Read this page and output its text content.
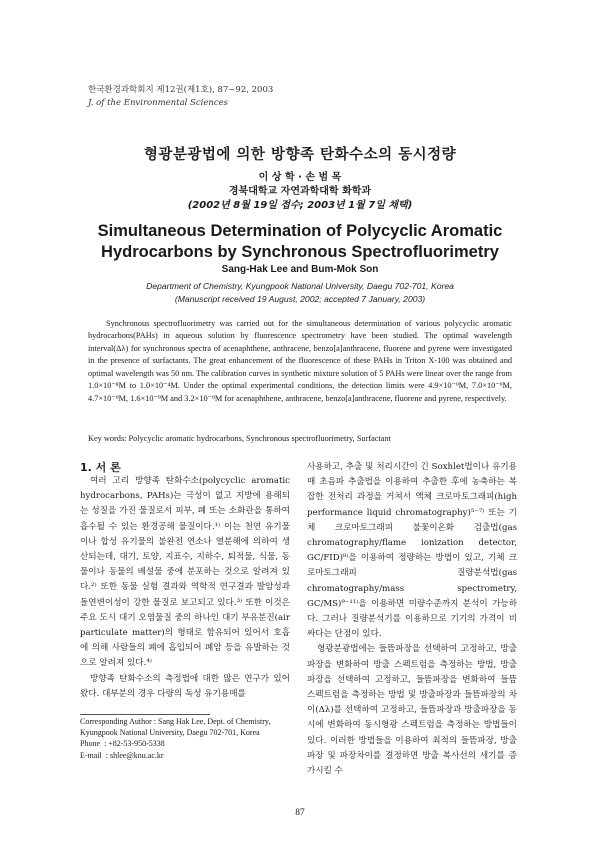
한국환경과학회지 제12권(제1호), 87~92, 2003
J. of the Environmental Sciences
형광분광법에 의한 방향족 탄화수소의 동시정량
이 상 학 · 손 범 목
경북대학교 자연과학대학 화학과
(2002년 8월 19일 접수; 2003년 1월 7일 채택)
Simultaneous Determination of Polycyclic Aromatic
Hydrocarbons by Synchronous Spectrofluorimetry
Sang-Hak Lee and Bum-Mok Son
Department of Chemistry, Kyungpook National University, Daegu 702-701, Korea
(Manuscript received 19 August, 2002; accepted 7 January, 2003)

Synchronous spectrofluorimetry was carried out for the simultaneous determination of various polycyclic aromatic hydrocarbons(PAHs) in aqueous solution by fluorescence spectrometry have been studied. The optimal wavelength interval(Δλ) for synchronous spectra of acenaphthene, anthracene, benzo[a]anthracene, fluorene and pyrene were investigated in the presence of surfactants. The great enhancement of the fluorescence of these PAHs in Triton X-100 was obtained and optimal wavelength was 50 nm. The calibration curves in synthetic mixture solution of 5 PAHs were linear over the range from 1.0×10⁻⁸M to 1.0×10⁻⁴M. Under the optimal experimental conditions, the detection limits were 4.9×10⁻⁹M, 7.0×10⁻⁹M, 4.7×10⁻⁹M, 1.6×10⁻⁹M and 3.2×10⁻⁹M for acenaphthene, anthracene, benzo[a]anthracene, fluorene and pyrene, respectively.

Key words: Polycyclic aromatic hydrocarbons, Synchronous spectrofluorimetry, Surfactant

1. 서 론

여러 고리 방향족 탄화수소(polycyclic aromatic hydrocarbons, PAHs)는 극성이 없고 지방에 용해되는 성질을 가진 물질로서 피부, 폐 또는 소화관을 통하여 흡수될 수 있는 환경공해 물질이다.¹⁾ 이는 천연 유기물이나 합성 유기물의 불완전 연소나 열분해에 의하여 생산되는데, 대기, 토양, 지표수, 지하수, 퇴적물, 식물, 동물이나 동물의 배설물 중에 분포하는 것으로 알려져 있다.²⁾ 또한 동물 실험 결과와 역학적 연구결과 발암성과 돌연변이성이 강한 물질로 보고되고 있다.³⁾ 또한 이것은 주요 도시 대기 오염물질 중의 하나인 대기 부유분진(air particulate matter)의 형태로 함유되어 있어서 호흡에 의해 사람들의 폐에 흡입되어 폐암 등을 유발하는 것으로 알려져 있다.⁴⁾

방향족 탄화수소의 측정법에 대한 많은 연구가 있어 왔다. 대부분의 경우 다량의 독성 유기용매를

사용하고, 추출 및 처리시간이 긴 Soxhlet법이나 유기용매 초음파 추출법을 이용하여 추출한 후에 농축하는 복잡한 전처리 과정을 거쳐서 액체 크로마토그래피(high performance liquid chromatography)⁵⁻⁷⁾ 또는 기체 크로마토그래피 불꽃이온화 검출법(gas chromatography/flame ionization detector, GC/FID)⁸⁾을 이용하여 정량하는 방법이 있고, 기체 크로마토그래피 질량분석법(gas chromatography/mass spectrometry, GC/MS)⁹⁻¹¹⁾을 이용하면 미량수준까지 분석이 가능하다. 그러나 질량분석기를 이용하므로 기기의 가격이 비싸다는 단점이 있다.

형광분광법에는 들뜸파장을 선택하여 고정하고, 방출파장을 변화하여 방출 스펙트럼을 측정하는 방법, 방출파장을 선택하여 고정하고, 들뜸파장을 변화하여 들뜸 스펙트럼을 측정하는 방법 및 방출파장과 들뜸파장의 차이(Δλ)를 선택하여 고정하고, 들뜸파장과 방출파장을 동시에 변화하여 동시형광 스펙트럼을 측정하는 방법들이 있다. 이러한 방법들을 이용하여 최적의 들뜸파장, 방출파장 및 파장차이를 결정하면 방출 복사선의 세기를 증가시킬 수

Corresponding Author : Sang Hak Lee, Dept. of Chemistry,
Kyungpook National University, Daegu 702-701, Korea
Phone  : +82-53-950-5338
E-mail  : shlee@knu.ac.kr
87
